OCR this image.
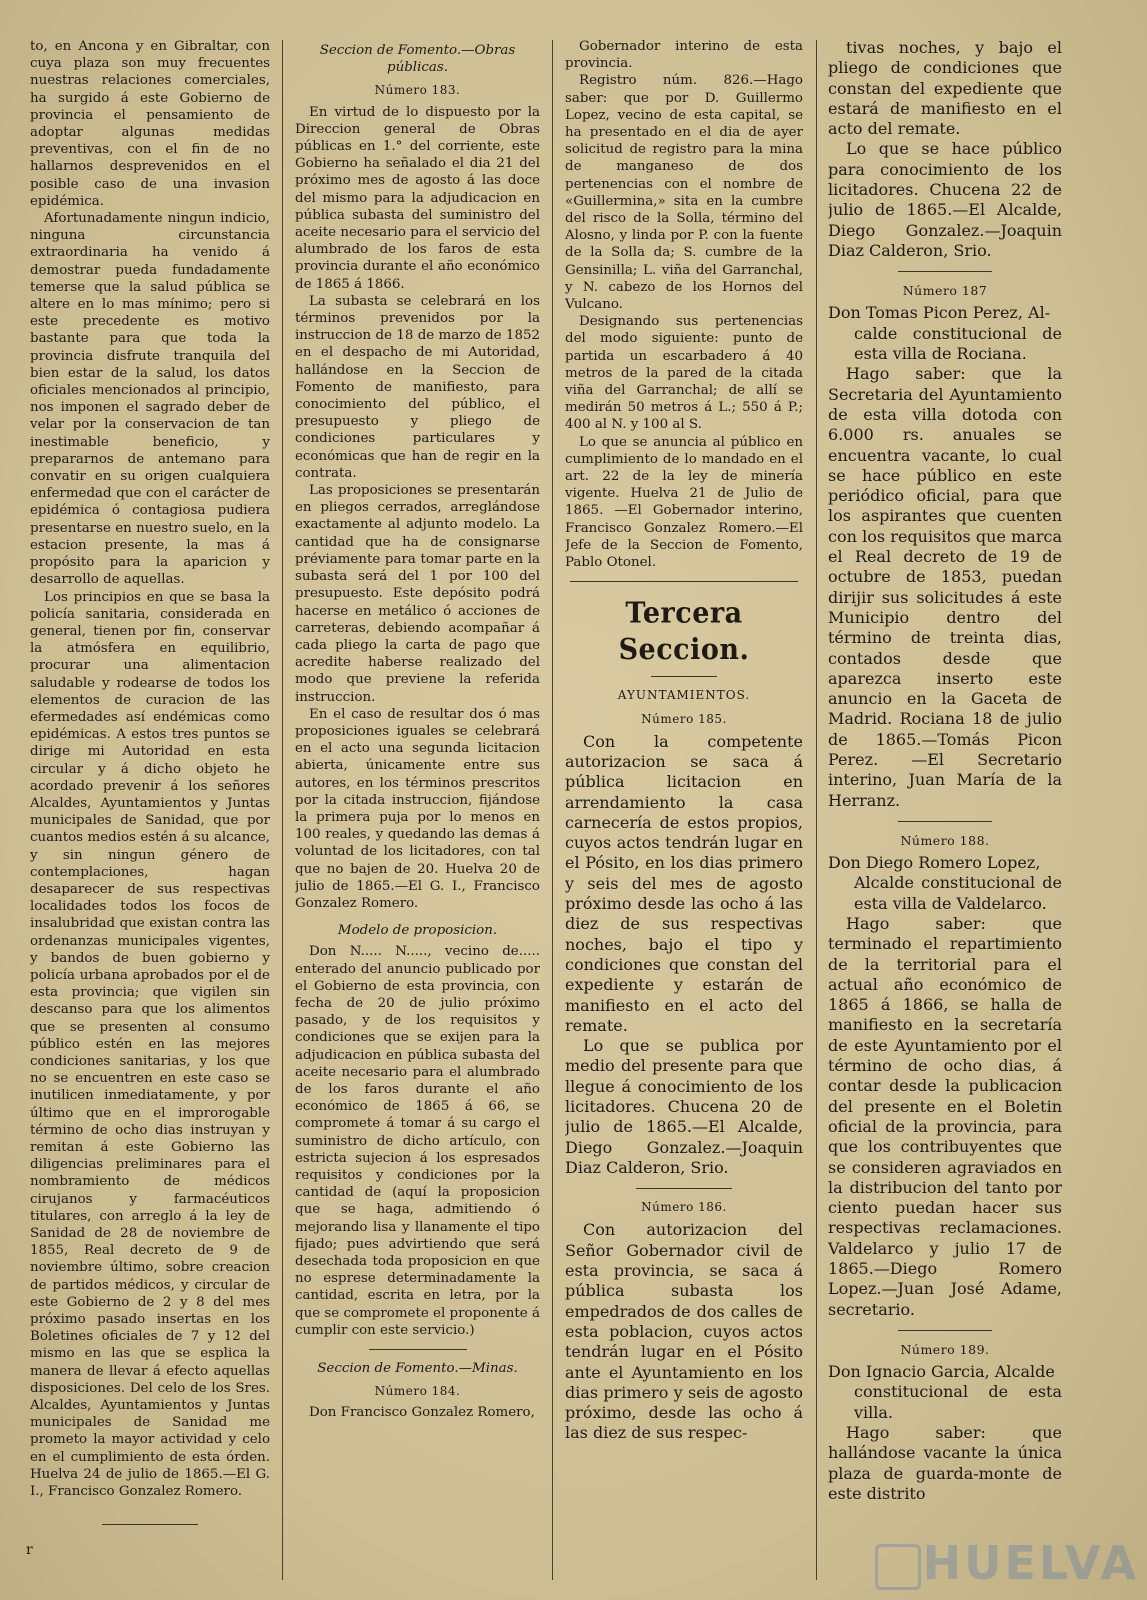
to, en Ancona y en Gibraltar, con cuya plaza son muy frecuentes nuestras relaciones comerciales, ha surgido á este Gobierno de provincia el pensamiento de adoptar algunas medidas preventivas, con el fin de no hallarnos desprevenidos en el posible caso de una invasion epidémica.

Afortunadamente ningun indicio, ninguna circunstancia extraordinaria ha venido á demostrar pueda fundadamente temerse que la salud pública se altere en lo mas mínimo; pero si este precedente es motivo bastante para que toda la provincia disfrute tranquila del bien estar de la salud, los datos oficiales mencionados al principio, nos imponen el sagrado deber de velar por la conservacion de tan inestimable beneficio, y prepararnos de antemano para convatir en su origen cualquiera enfermedad que con el carácter de epidémica ó contagiosa pudiera presentarse en nuestro suelo, en la estacion presente, la mas á propósito para la aparicion y desarrollo de aquellas.

Los principios en que se basa la policía sanitaria, considerada en general, tienen por fin, conservar la atmósfera en equilibrio, procurar una alimentacion saludable y rodearse de todos los elementos de curacion de las efermedades así endémicas como epidémicas. A estos tres puntos se dirige mi Autoridad en esta circular y á dicho objeto he acordado prevenir á los señores Alcaldes, Ayuntamientos y Juntas municipales de Sanidad, que por cuantos medios estén á su alcance, y sin ningun género de contemplaciones, hagan desaparecer de sus respectivas localidades todos los focos de insalubridad que existan contra las ordenanzas municipales vigentes, y bandos de buen gobierno y policía urbana aprobados por el de esta provincia; que vigilen sin descanso para que los alimentos que se presenten al consumo público estén en las mejores condiciones sanitarias, y los que no se encuentren en este caso se inutilicen inmediatamente, y por último que en el improrogable término de ocho dias instruyan y remitan á este Gobierno las diligencias preliminares para el nombramiento de médicos cirujanos y farmacéuticos titulares, con arreglo á la ley de Sanidad de 28 de noviembre de 1855, Real decreto de 9 de noviembre último, sobre creacion de partidos médicos, y circular de este Gobierno de 2 y 8 del mes próximo pasado insertas en los Boletines oficiales de 7 y 12 del mismo en las que se esplica la manera de llevar á efecto aquellas disposiciones. Del celo de los Sres. Alcaldes, Ayuntamientos y Juntas municipales de Sanidad me prometo la mayor actividad y celo en el cumplimiento de esta órden. Huelva 24 de julio de 1865.—El G. I., Francisco Gonzalez Romero.

r
Seccion de Fomento.—Obras públicas.
Número 183.

En virtud de lo dispuesto por la Direccion general de Obras públicas en 1.° del corriente, este Gobierno ha señalado el dia 21 del próximo mes de agosto á las doce del mismo para la adjudicacion en pública subasta del suministro del aceite necesario para el servicio del alumbrado de los faros de esta provincia durante el año económico de 1865 á 1866.

La subasta se celebrará en los términos prevenidos por la instruccion de 18 de marzo de 1852 en el despacho de mi Autoridad, hallándose en la Seccion de Fomento de manifiesto, para conocimiento del público, el presupuesto y pliego de condiciones particulares y económicas que han de regir en la contrata.

Las proposiciones se presentarán en pliegos cerrados, arreglándose exactamente al adjunto modelo. La cantidad que ha de consignarse préviamente para tomar parte en la subasta será del 1 por 100 del presupuesto. Este depósito podrá hacerse en metálico ó acciones de carreteras, debiendo acompañar á cada pliego la carta de pago que acredite haberse realizado del modo que previene la referida instruccion.

En el caso de resultar dos ó mas proposiciones iguales se celebrará en el acto una segunda licitacion abierta, únicamente entre sus autores, en los términos prescritos por la citada instruccion, fijándose la primera puja por lo menos en 100 reales, y quedando las demas á voluntad de los licitadores, con tal que no bajen de 20. Huelva 20 de julio de 1865.—El G. I., Francisco Gonzalez Romero.

Modelo de proposicion.

Don N..... N....., vecino de..... enterado del anuncio publicado por el Gobierno de esta provincia, con fecha de 20 de julio próximo pasado, y de los requisitos y condiciones que se exijen para la adjudicacion en pública subasta del aceite necesario para el alumbrado de los faros durante el año económico de 1865 á 66, se compromete á tomar á su cargo el suministro de dicho artículo, con estricta sujecion á los espresados requisitos y condiciones por la cantidad de (aquí la proposicion que se haga, admitiendo ó mejorando lisa y llanamente el tipo fijado; pues advirtiendo que será desechada toda proposicion en que no esprese determinadamente la cantidad, escrita en letra, por la que se compromete el proponente á cumplir con este servicio.)

Seccion de Fomento.—Minas.
Número 184.

Don Francisco Gonzalez Romero,

Gobernador interino de esta provincia.

Registro núm. 826.—Hago saber: que por D. Guillermo Lopez, vecino de esta capital, se ha presentado en el dia de ayer solicitud de registro para la mina de manganeso de dos pertenencias con el nombre de «Guillermina,» sita en la cumbre del risco de la Solla, término del Alosno, y linda por P. con la fuente de la Solla da; S. cumbre de la Gensinilla; L. viña del Garranchal, y N. cabezo de los Hornos del Vulcano.

Designando sus pertenencias del modo siguiente: punto de partida un escarbadero á 40 metros de la pared de la citada viña del Garranchal; de allí se medirán 50 metros á L.; 550 á P.; 400 al N. y 100 al S.

Lo que se anuncia al público en cumplimiento de lo mandado en el art. 22 de la ley de minería vigente. Huelva 21 de Julio de 1865. —El Gobernador interino, Francisco Gonzalez Romero.—El Jefe de la Seccion de Fomento, Pablo Otonel.

Tercera Seccion.
AYUNTAMIENTOS.
Número 185.

Con la competente autorizacion se saca á pública licitacion en arrendamiento la casa carnecería de estos propios, cuyos actos tendrán lugar en el Pósito, en los dias primero y seis del mes de agosto próximo desde las ocho á las diez de sus respectivas noches, bajo el tipo y condiciones que constan del expediente y estarán de manifiesto en el acto del remate.

Lo que se publica por medio del presente para que llegue á conocimiento de los licitadores. Chucena 20 de julio de 1865.—El Alcalde, Diego Gonzalez.—Joaquin Diaz Calderon, Srio.

Número 186.

Con autorizacion del Señor Gobernador civil de esta provincia, se saca á pública subasta los empedrados de dos calles de esta poblacion, cuyos actos tendrán lugar en el Pósito ante el Ayuntamiento en los dias primero y seis de agosto próximo, desde las ocho á las diez de sus respec-

tivas noches, y bajo el pliego de condiciones que constan del expediente que estará de manifiesto en el acto del remate.

Lo que se hace público para conocimiento de los licitadores. Chucena 22 de julio de 1865.—El Alcalde, Diego Gonzalez.—Joaquin Diaz Calderon, Srio.

Número 187

Don Tomas Picon Perez, Al-
calde constitucional de esta villa de Rociana.

Hago saber: que la Secretaria del Ayuntamiento de esta villa dotoda con 6.000 rs. anuales se encuentra vacante, lo cual se hace público en este periódico oficial, para que los aspirantes que cuenten con los requisitos que marca el Real decreto de 19 de octubre de 1853, puedan dirijir sus solicitudes á este Municipio dentro del término de treinta dias, contados desde que aparezca inserto este anuncio en la Gaceta de Madrid. Rociana 18 de julio de 1865.—Tomás Picon Perez. —El Secretario interino, Juan María de la Herranz.

Número 188.

Don Diego Romero Lopez,
Alcalde constitucional de esta villa de Valdelarco.

Hago saber: que terminado el repartimiento de la territorial para el actual año económico de 1865 á 1866, se halla de manifiesto en la secretaría de este Ayuntamiento por el término de ocho dias, á contar desde la publicacion del presente en el Boletin oficial de la provincia, para que los contribuyentes que se consideren agraviados en la distribucion del tanto por ciento puedan hacer sus respectivas reclamaciones. Valdelarco y julio 17 de 1865.—Diego Romero Lopez.—Juan José Adame, secretario.

Número 189.

Don Ignacio Garcia, Alcalde
constitucional de esta villa.

Hago saber: que hallándose vacante la única plaza de guarda-monte de este distrito

HUELVA
